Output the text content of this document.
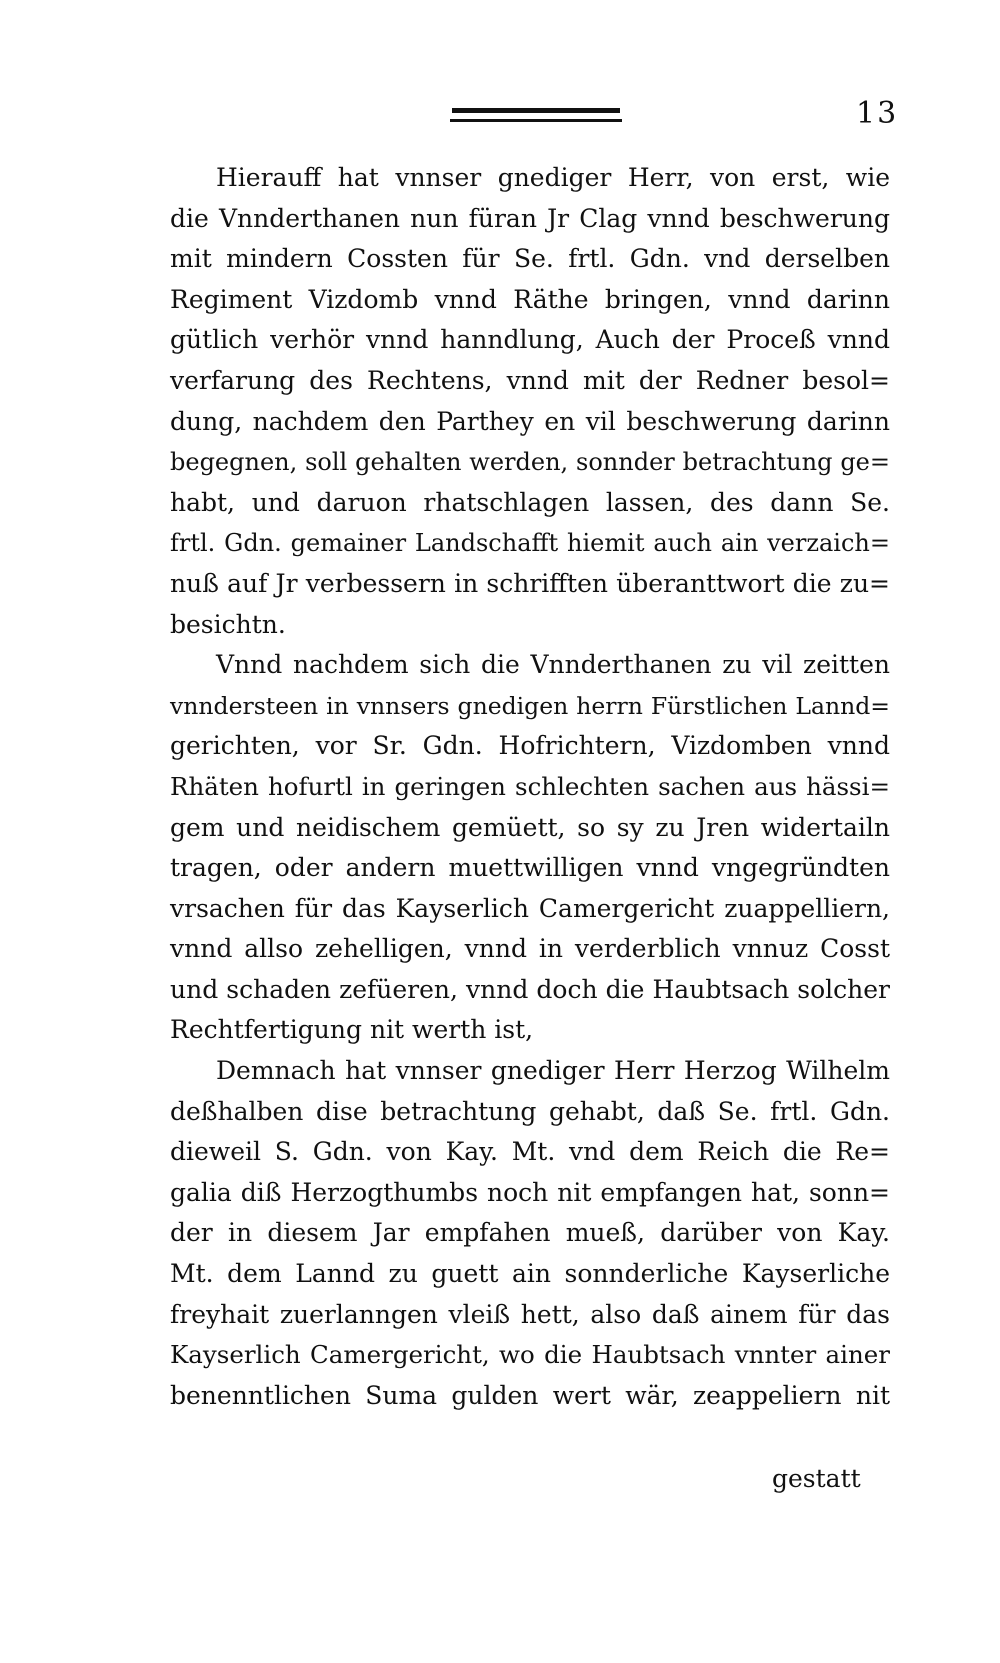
13
Hierauff hat vnnser gnediger Herr, von erst, wie
die Vnnderthanen nun füran Jr Clag vnnd beschwerung
mit mindern Cossten für Se. frtl. Gdn. vnd derselben
Regiment Vizdomb vnnd Räthe bringen, vnnd darinn
gütlich verhör vnnd hanndlung, Auch der Proceß vnnd
verfarung des Rechtens, vnnd mit der Redner besol=
dung, nachdem den Parthey en vil beschwerung darinn
begegnen, soll gehalten werden, sonnder betrachtung ge=
habt, und daruon rhatschlagen lassen, des dann Se.
frtl. Gdn. gemainer Landschafft hiemit auch ain verzaich=
nuß auf Jr verbessern in schrifften überanttwort die zu=
besichtn.
Vnnd nachdem sich die Vnnderthanen zu vil zeitten
vnndersteen in vnnsers gnedigen herrn Fürstlichen Lannd=
gerichten, vor Sr. Gdn. Hofrichtern, Vizdomben vnnd
Rhäten hofurtl in geringen schlechten sachen aus hässi=
gem und neidischem gemüett, so sy zu Jren widertailn
tragen, oder andern muettwilligen vnnd vngegründten
vrsachen für das Kayserlich Camergericht zuappelliern,
vnnd allso zehelligen, vnnd in verderblich vnnuz Cosst
und schaden zefüeren, vnnd doch die Haubtsach solcher
Rechtfertigung nit werth ist,
Demnach hat vnnser gnediger Herr Herzog Wilhelm
deßhalben dise betrachtung gehabt, daß Se. frtl. Gdn.
dieweil S. Gdn. von Kay. Mt. vnd dem Reich die Re=
galia diß Herzogthumbs noch nit empfangen hat, sonn=
der in diesem Jar empfahen mueß, darüber von Kay.
Mt. dem Lannd zu guett ain sonnderliche Kayserliche
freyhait zuerlanngen vleiß hett, also daß ainem für das
Kayserlich Camergericht, wo die Haubtsach vnnter ainer
benenntlichen Suma gulden wert wär, zeappeliern nit
gestatt
